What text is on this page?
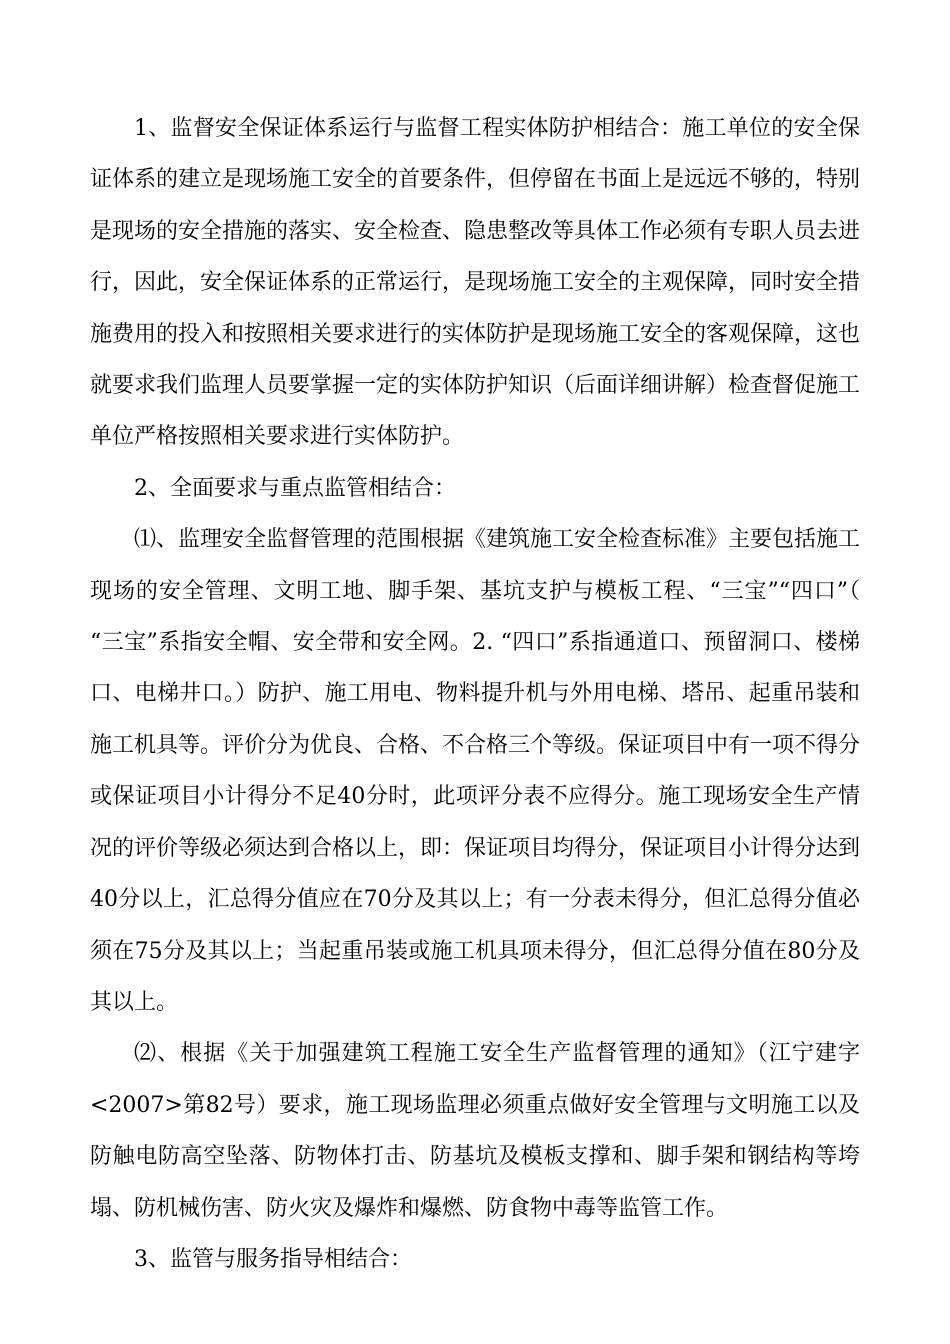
1、监督安全保证体系运行与监督工程实体防护相结合：施工单位的安全保证体系的建立是现场施工安全的首要条件，但停留在书面上是远远不够的，特别是现场的安全措施的落实、安全检查、隐患整改等具体工作必须有专职人员去进行，因此，安全保证体系的正常运行，是现场施工安全的主观保障，同时安全措施费用的投入和按照相关要求进行的实体防护是现场施工安全的客观保障，这也就要求我们监理人员要掌握一定的实体防护知识（后面详细讲解）检查督促施工单位严格按照相关要求进行实体防护。

2、全面要求与重点监管相结合：

⑴、监理安全监督管理的范围根据《建筑施工安全检查标准》主要包括施工现场的安全管理、文明工地、脚手架、基坑支护与模板工程、“三宝”“四口”（ “三宝”系指安全帽、安全带和安全网。2. “四口”系指通道口、预留洞口、楼梯口、电梯井口。）防护、施工用电、物料提升机与外用电梯、塔吊、起重吊装和施工机具等。评价分为优良、合格、不合格三个等级。保证项目中有一项不得分或保证项目小计得分不足40分时，此项评分表不应得分。施工现场安全生产情况的评价等级必须达到合格以上，即：保证项目均得分，保证项目小计得分达到40分以上，汇总得分值应在70分及其以上；有一分表未得分，但汇总得分值必须在75分及其以上；当起重吊装或施工机具项未得分，但汇总得分值在80分及其以上。

⑵、根据《关于加强建筑工程施工安全生产监督管理的通知》（江宁建字<2007>第82号）要求，施工现场监理必须重点做好安全管理与文明施工以及防触电防高空坠落、防物体打击、防基坑及模板支撑和、脚手架和钢结构等垮塌、防机械伤害、防火灾及爆炸和爆燃、防食物中毒等监管工作。

3、监管与服务指导相结合：
